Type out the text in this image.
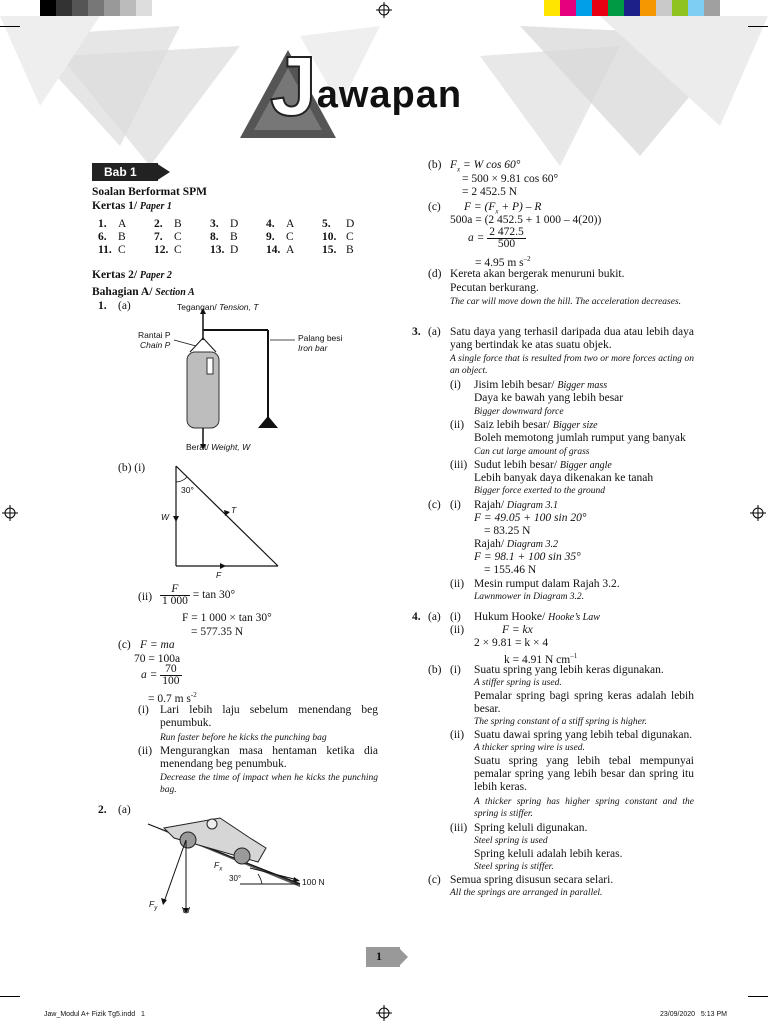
Jawapan
Bab 1
Soalan Berformat SPM
Kertas 1/ Paper 1
1. A	2. B	3. D	4. A	5.	D
6. B	7. C	8. B	9. C	10. C
11. C	12. C	13. D	14. A	15. B
Kertas 2/ Paper 2
Bahagian A/ Section A
1. (a)	Tegangan/ Tension, T
Rantai P
Chain P
Palang besi
Iron bar
Berat/ Weight, W
(b) (i)
30°
W
T
F
$(ii) \frac{F}{1 000} = \tan 30^\circ$
F = 1 000 × tan 30°
= 577.35 N
(c) F = ma
70 = 100a
$a = \frac{70}{100}$
= 0.7 m $s^{-2}$
(i) Lari lebih laju sebelum menendang beg penumbuk.
Run faster before he kicks the punching bag
(ii) Mengurangkan masa hentaman ketika dia menendang beg penumbuk.
Decrease the time of impact when he kicks the punching bag.
2. (a)
$F_x$
30°	100 N
$F_y$	W
(b) $F_x = W$ cos 60°
= 500 × 9.81 cos 60°
= 2 452.5 N
(c) $F = (F_x + P) - R$
500a = (2 452.5 + 1 000 – 4(20))
$a = \frac{2 472.5}{500}$
= 4.95 m $s^{-2}$
(d) Kereta akan bergerak menuruni bukit.
Pecutan berkurang.
The car will move down the hill. The acceleration decreases.
3. (a) Satu daya yang terhasil daripada dua atau lebih daya yang bertindak ke atas suatu objek.
A single force that is resulted from two or more forces acting on an object.
(i) Jisim lebih besar/ Bigger mass
Daya ke bawah yang lebih besar
Bigger downward force
(ii) Saiz lebih besar/ Bigger size
Boleh memotong jumlah rumput yang banyak
Can cut large amount of grass
(iii) Sudut lebih besar/ Bigger angle
Lebih banyak daya dikenakan ke tanah
Bigger force exerted to the ground
(c) (i) Rajah/ Diagram 3.1
F = 49.05 + 100 sin 20°
= 83.25 N
Rajah/ Diagram 3.2
F = 98.1 + 100 sin 35°
= 155.46 N
(ii) Mesin rumput dalam Rajah 3.2.
Lawnmower in Diagram 3.2.
4. (a) (i) Hukum Hooke/ Hooke’s Law
(ii)	F = kx
2 × 9.81 = k × 4
k = 4.91 N $cm^{-1}$
(b) (i) Suatu spring yang lebih keras digunakan.
A stiffer spring is used.
Pemalar spring bagi spring keras adalah lebih besar.
The spring constant of a stiff spring is higher.
(ii) Suatu dawai spring yang lebih tebal digunakan.
A thicker spring wire is used.
Suatu spring yang lebih tebal mempunyai pemalar spring yang lebih besar dan spring itu lebih keras.
A thicker spring has higher spring constant and the spring is stiffer.
(iii) Spring keluli digunakan.
Steel spring is used
Spring keluli adalah lebih keras.
Steel spring is stiffer.
(c) Semua spring disusun secara selari.
All the springs are arranged in parallel.
1
Jaw_Modul A+ Fizik Tg5.indd   1	23/09/2020   5:13 PM
